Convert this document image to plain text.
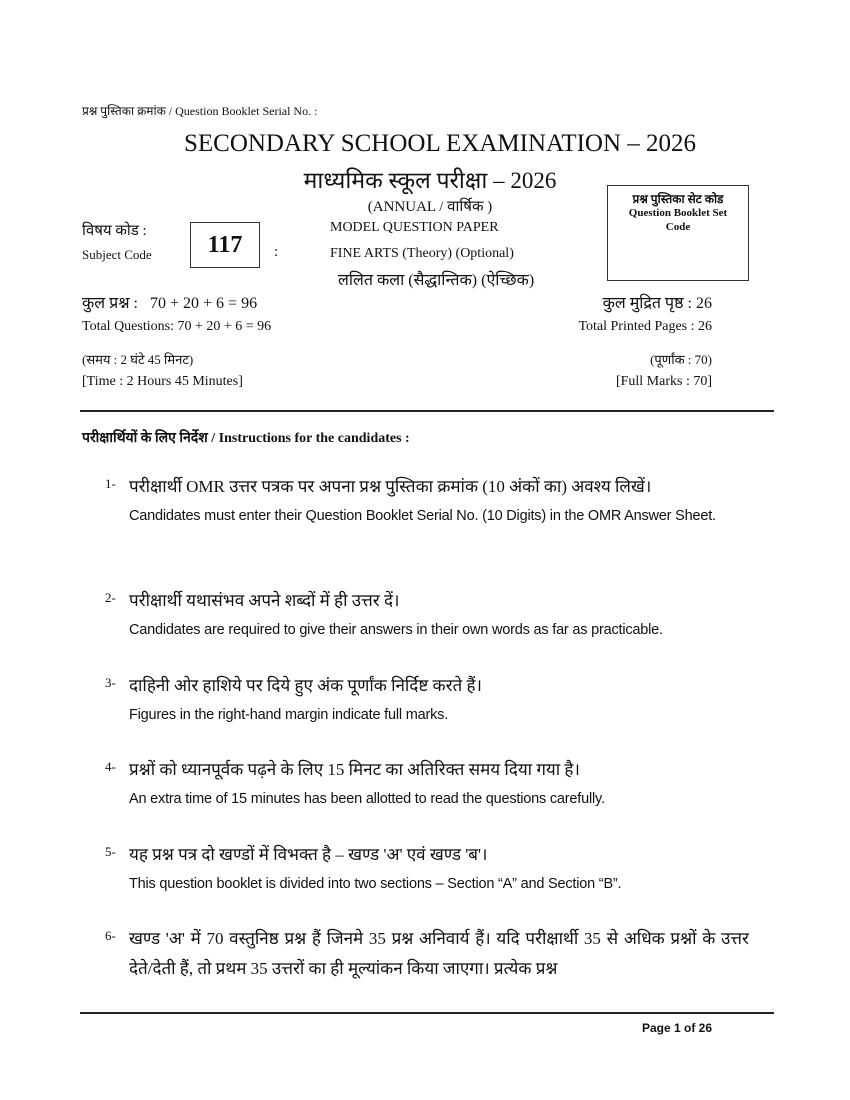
प्रश्न पुस्तिका क्रमांक / Question Booklet Serial No. :
SECONDARY SCHOOL EXAMINATION – 2026
माध्यमिक स्कूल परीक्षा – 2026
(ANNUAL / वार्षिक )
विषय कोड :
Subject Code	117	:
MODEL QUESTION PAPER
FINE ARTS (Theory) (Optional)
ललित कला (सैद्धान्तिक) (ऐच्छिक)
प्रश्न पुस्तिका सेट कोड
Question Booklet Set Code
कुल प्रश्न :   70 + 20 + 6 = 96	कुल मुद्रित पृष्ठ : 26
Total Questions: 70 + 20 + 6 = 96	Total Printed Pages : 26
(समय : 2 घंटे 45 मिनट)	(पूर्णांक : 70)
[Time : 2 Hours 45 Minutes]	[Full Marks : 70]
परीक्षार्थियों के लिए निर्देश / Instructions for the candidates :
1- परीक्षार्थी OMR उत्तर पत्रक पर अपना प्रश्न पुस्तिका क्रमांक (10 अंकों का) अवश्य लिखें।
Candidates must enter their Question Booklet Serial No. (10 Digits) in the OMR Answer Sheet.
2- परीक्षार्थी यथासंभव अपने शब्दों में ही उत्तर दें।
Candidates are required to give their answers in their own words as far as practicable.
3- दाहिनी ओर हाशिये पर दिये हुए अंक पूर्णांक निर्दिष्ट करते हैं।
Figures in the right-hand margin indicate full marks.
4- प्रश्नों को ध्यानपूर्वक पढ़ने के लिए 15 मिनट का अतिरिक्त समय दिया गया है।
An extra time of 15 minutes has been allotted to read the questions carefully.
5- यह प्रश्न पत्र दो खण्डों में विभक्त है – खण्ड 'अ' एवं खण्ड 'ब'।
This question booklet is divided into two sections – Section “A” and Section “B”.
6- खण्ड 'अ' में 70 वस्तुनिष्ठ प्रश्न हैं जिनमे 35 प्रश्न अनिवार्य हैं। यदि परीक्षार्थी 35 से अधिक प्रश्नों के उत्तर देते/देती हैं, तो प्रथम 35 उत्तरों का ही मूल्यांकन किया जाएगा। प्रत्येक प्रश्न
Page 1 of 26
